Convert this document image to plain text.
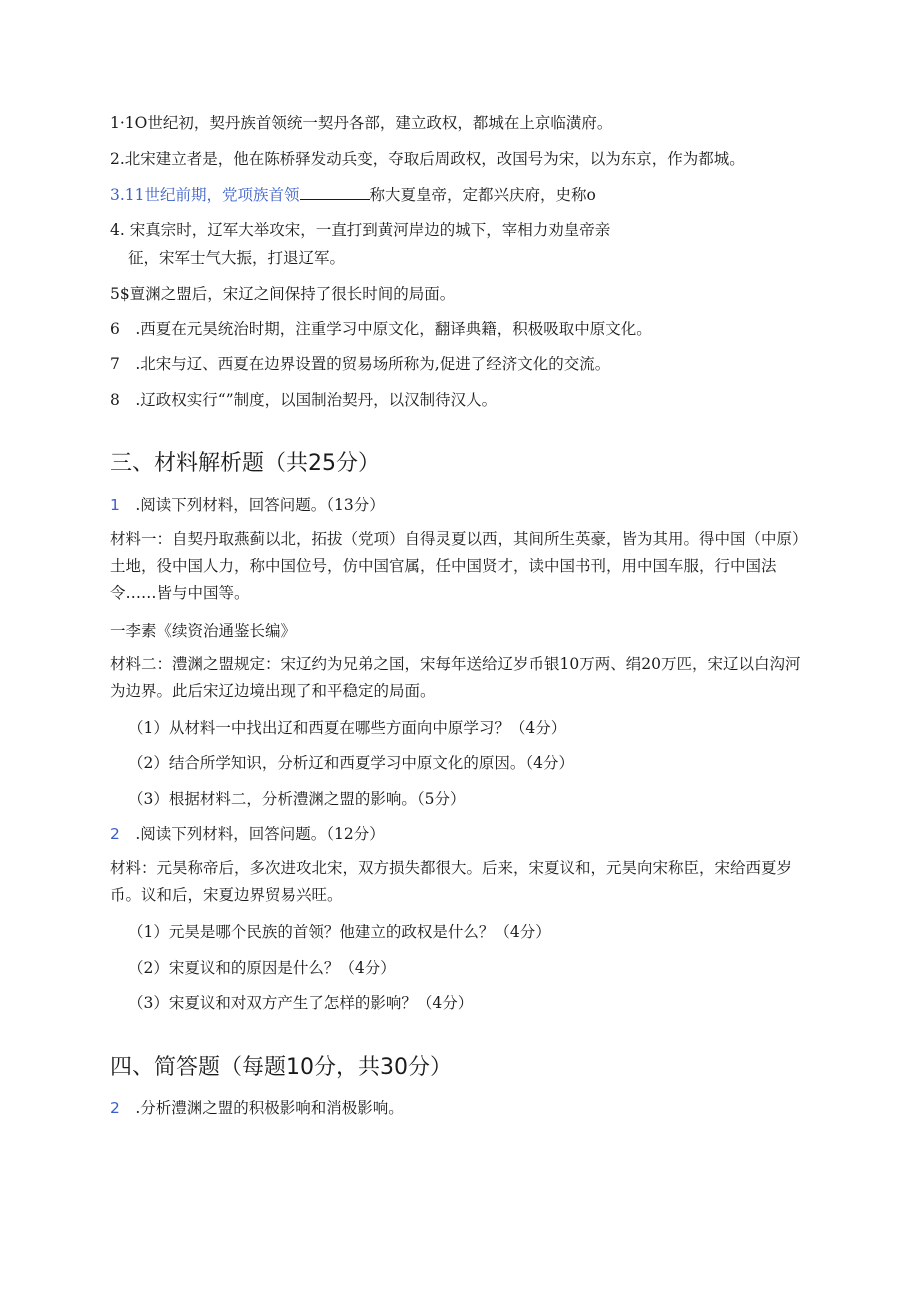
1·1O世纪初，契丹族首领统一契丹各部，建立政权，都城在上京临潢府。
2.北宋建立者是，他在陈桥驿发动兵变，夺取后周政权，改国号为宋，以为东京，作为都城。
3.11世纪前期，党项族首领	称大夏皇帝，定都兴庆府，史称o
4. 宋真宗时，辽军大举攻宋，一直打到黄河岸边的城下，宰相力劝皇帝亲
征，宋军士气大振，打退辽军。
5$亶渊之盟后，宋辽之间保持了很长时间的局面。
6　.西夏在元昊统治时期，注重学习中原文化，翻译典籍，积极吸取中原文化。
7　.北宋与辽、西夏在边界设置的贸易场所称为,促进了经济文化的交流。
8　.辽政权实行“”制度，以国制治契丹，以汉制待汉人。
三、材料解析题（共25分）
1　.阅读下列材料，回答问题。（13分）
材料一：自契丹取燕蓟以北，拓拔（党项）自得灵夏以西，其间所生英豪，皆为其用。得中国（中原）土地，役中国人力，称中国位号，仿中国官属，任中国贤才，读中国书刊，用中国车服，行中国法令……皆与中国等。
一李素《续资治通鉴长编》
材料二：澧渊之盟规定：宋辽约为兄弟之国，宋每年送给辽岁币银10万两、绢20万匹，宋辽以白沟河为边界。此后宋辽边境出现了和平稳定的局面。
（1）从材料一中找出辽和西夏在哪些方面向中原学习？（4分）
（2）结合所学知识，分析辽和西夏学习中原文化的原因。（4分）
（3）根据材料二，分析澧渊之盟的影响。（5分）
2　.阅读下列材料，回答问题。（12分）
材料：元昊称帝后，多次进攻北宋，双方损失都很大。后来，宋夏议和，元昊向宋称臣，宋给西夏岁币。议和后，宋夏边界贸易兴旺。
（1）元昊是哪个民族的首领？他建立的政权是什么？（4分）
（2）宋夏议和的原因是什么？（4分）
（3）宋夏议和对双方产生了怎样的影响？（4分）
四、简答题（每题10分，共30分）
2　.分析澧渊之盟的积极影响和消极影响。
